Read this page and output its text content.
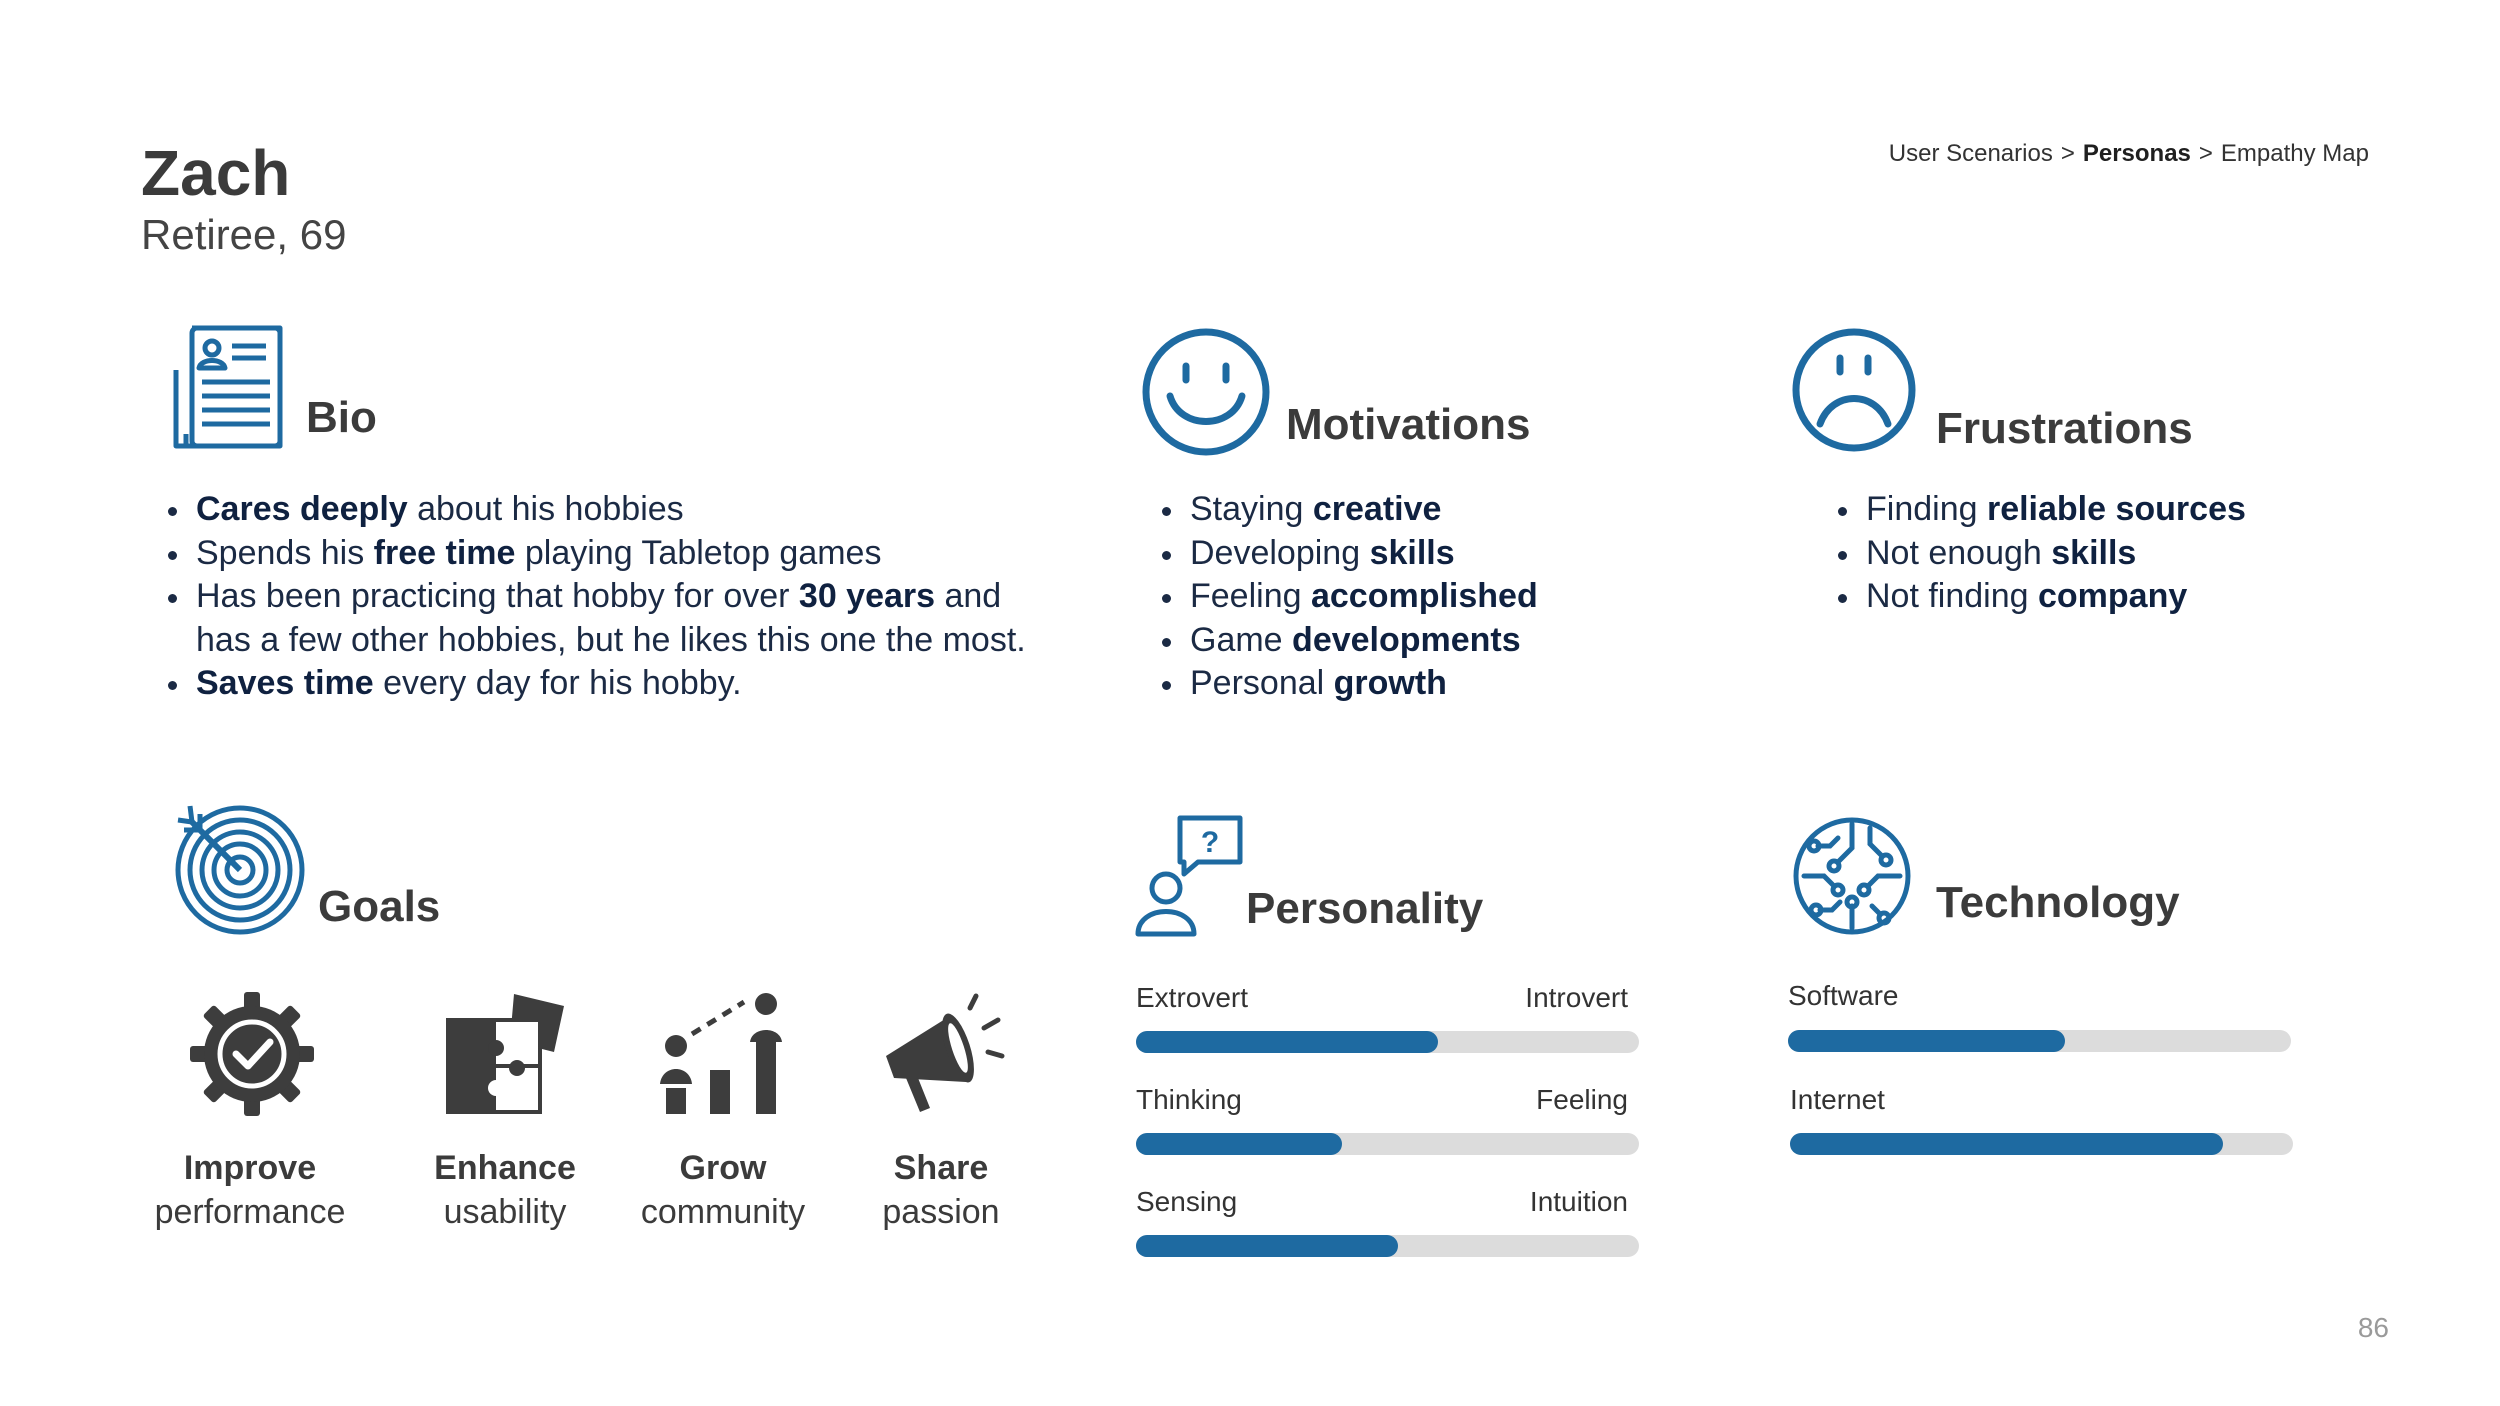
Zach
Retiree, 69
User Scenarios > Personas > Empathy Map
Bio
Cares deeply about his hobbies
Spends his free time playing Tabletop games
Has been practicing that hobby for over 30 years and has a few other hobbies, but he likes this one the most.
Saves time every day for his hobby.
Motivations
Staying creative
Developing skills
Feeling accomplished
Game developments
Personal growth
Frustrations
Finding reliable sources
Not enough skills
Not finding company
Goals
Improve
performance
Enhance
usability
Grow
community
Share
passion
?
Personality
Extrovert	Introvert
Thinking	Feeling
Sensing	Intuition
Technology
Software
Internet
86
